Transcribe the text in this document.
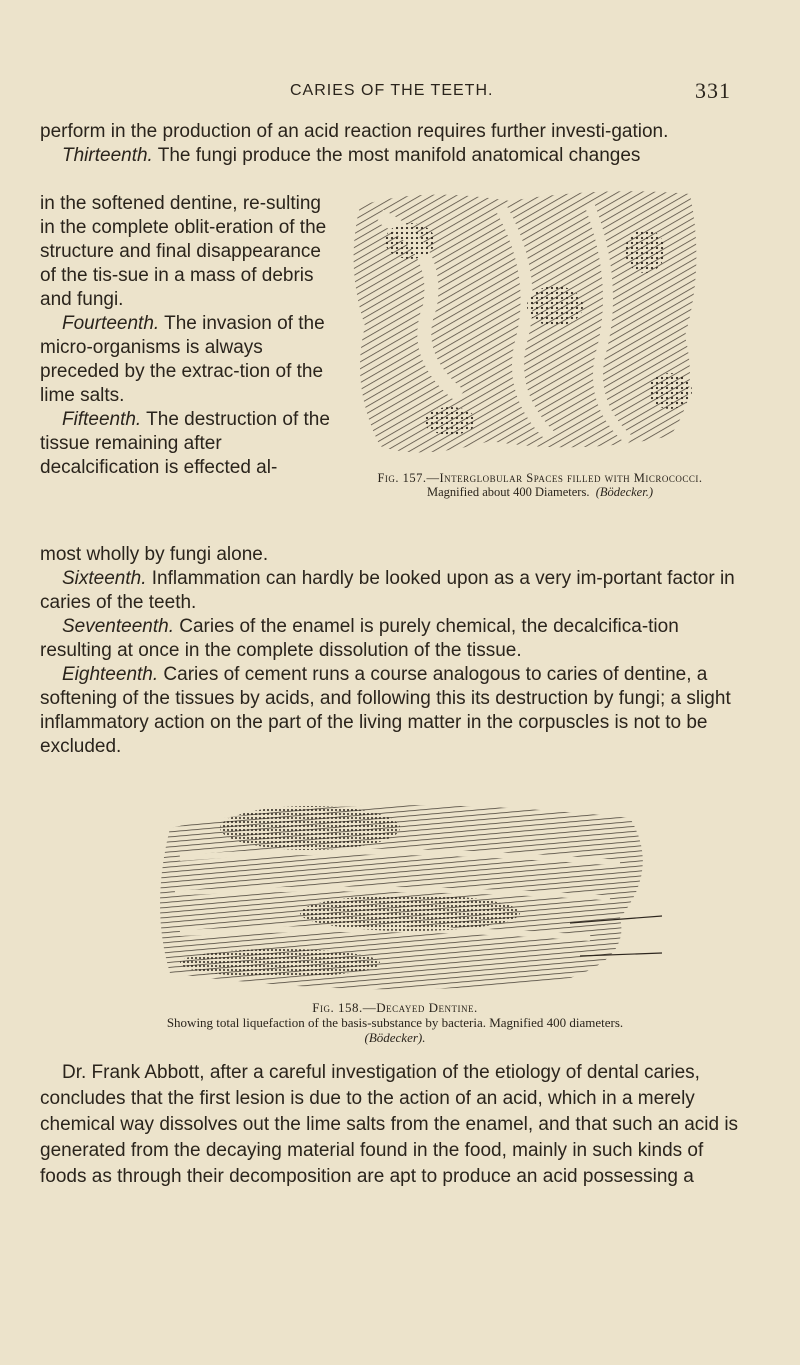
CARIES OF THE TEETH.	331
perform in the production of an acid reaction requires further investi-gation.
Thirteenth. The fungi produce the most manifold anatomical changes
in the softened dentine, re-sulting in the complete oblit-eration of the structure and final disappearance of the tis-sue in a mass of debris and fungi.
Fourteenth. The invasion of the micro-organisms is always preceded by the extrac-tion of the lime salts.
Fifteenth. The destruction of the tissue remaining after decalcification is effected al-	Fig. 157.—Interglobular Spaces filled with Micrococci.
Magnified about 400 Diameters. (Bödecker.)
most wholly by fungi alone.
Sixteenth. Inflammation can hardly be looked upon as a very im-portant factor in caries of the teeth.
Seventeenth. Caries of the enamel is purely chemical, the decalcifica-tion resulting at once in the complete dissolution of the tissue.
Eighteenth. Caries of cement runs a course analogous to caries of dentine, a softening of the tissues by acids, and following this its destruction by fungi; a slight inflammatory action on the part of the living matter in the corpuscles is not to be excluded.
Fig. 158.—Decayed Dentine.
Showing total liquefaction of the basis-substance by bacteria. Magnified 400 diameters.
(Bödecker).
Dr. Frank Abbott, after a careful investigation of the etiology of dental caries, concludes that the first lesion is due to the action of an acid, which in a merely chemical way dissolves out the lime salts from the enamel, and that such an acid is generated from the decaying material found in the food, mainly in such kinds of foods as through their decomposition are apt to produce an acid possessing a
